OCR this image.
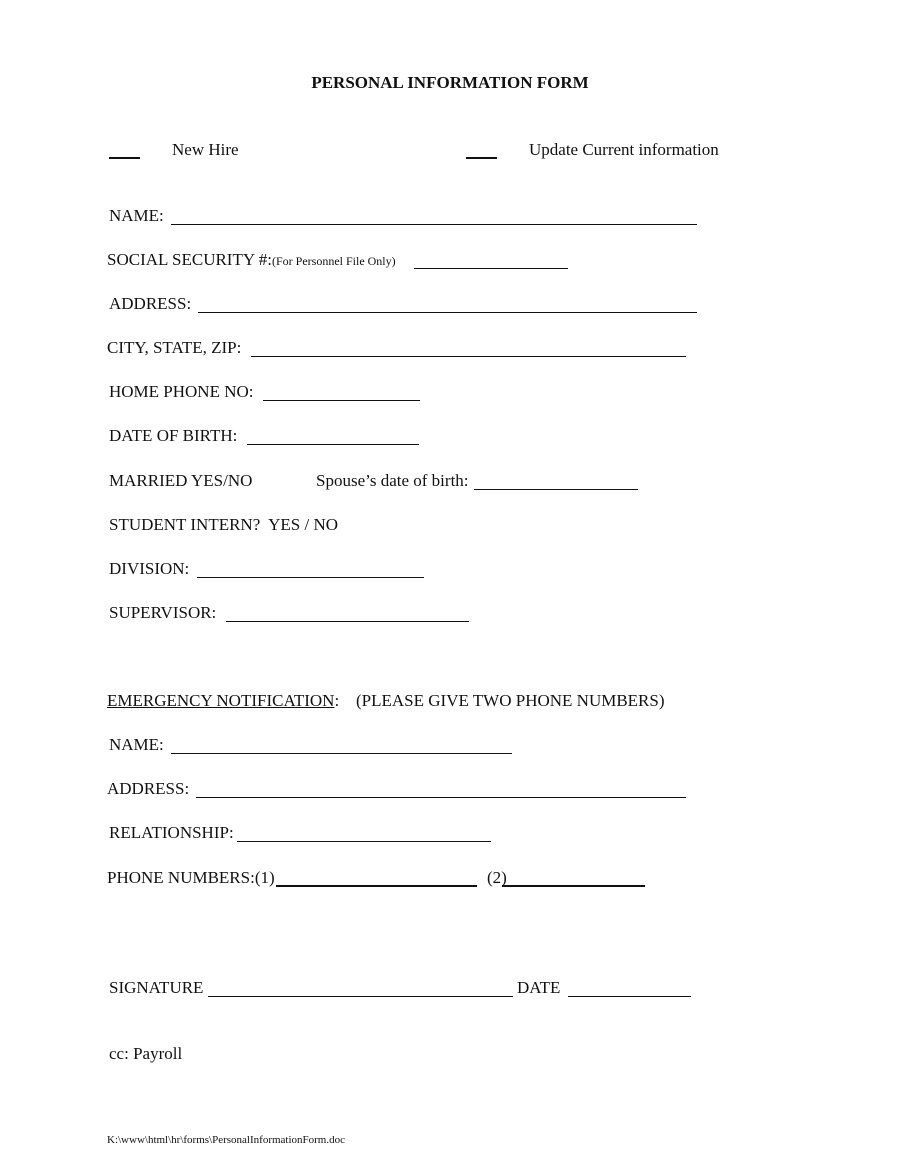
PERSONAL INFORMATION FORM
New Hire	Update Current information
NAME:
SOCIAL SECURITY #:(For Personnel File Only)
ADDRESS:
CITY, STATE, ZIP:
HOME PHONE NO:
DATE OF BIRTH:
MARRIED YES/NO	Spouse’s date of birth:
STUDENT INTERN?  YES / NO
DIVISION:
SUPERVISOR:
EMERGENCY NOTIFICATION: (PLEASE GIVE TWO PHONE NUMBERS)
NAME:
ADDRESS:
RELATIONSHIP:
PHONE NUMBERS:(1)	(2)
SIGNATURE	DATE
cc: Payroll
K:\www\html\hr\forms\PersonalInformationForm.doc
